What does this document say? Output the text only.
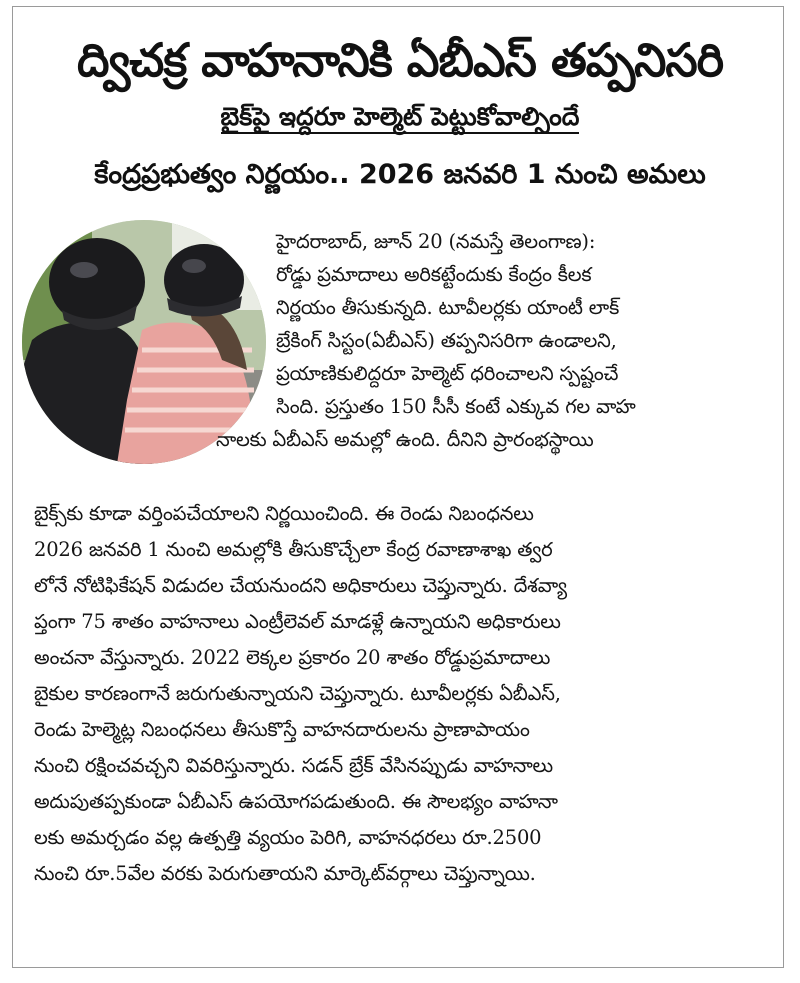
ద్విచక్ర వాహనానికి ఏబీఎస్ తప్పనిసరి
బైక్‌పై ఇద్దరూ హెల్మెట్ పెట్టుకోవాల్సిందే
కేంద్రప్రభుత్వం నిర్ణయం.. 2026 జనవరి 1 నుంచి అమలు
హైదరాబాద్, జూన్ 20 (నమస్తే తెలంగాణ):
రోడ్డు ప్రమాదాలు అరికట్టేందుకు కేంద్రం కీలక
నిర్ణయం తీసుకున్నది. టూవీలర్లకు యాంటీ లాక్
బ్రేకింగ్ సిస్టం(ఏబీఎస్) తప్పనిసరిగా ఉండాలని,
ప్రయాణికులిద్దరూ హెల్మెట్ ధరించాలని స్పష్టంచే
సింది. ప్రస్తుతం 150 సీసీ కంటే ఎక్కువ గల వాహ
నాలకు ఏబీఎస్ అమల్లో ఉంది. దీనిని ప్రారంభస్థాయి
బైక్స్‌కు కూడా వర్తింపచేయాలని నిర్ణయించింది. ఈ రెండు నిబంధనలు
2026 జనవరి 1 నుంచి అమల్లోకి తీసుకొచ్చేలా కేంద్ర రవాణాశాఖ త్వర
లోనే నోటిఫికేషన్ విడుదల చేయనుందని అధికారులు చెప్తున్నారు. దేశవ్యా
ప్తంగా 75 శాతం వాహనాలు ఎంట్రీలెవల్ మాడళ్లే ఉన్నాయని అధికారులు
అంచనా వేస్తున్నారు. 2022 లెక్కల ప్రకారం 20 శాతం రోడ్డుప్రమాదాలు
బైకుల కారణంగానే జరుగుతున్నాయని చెప్తున్నారు. టూవీలర్లకు ఏబీఎస్,
రెండు హెల్మెట్ల నిబంధనలు తీసుకొస్తే వాహనదారులను ప్రాణాపాయం
నుంచి రక్షించవచ్చని వివరిస్తున్నారు. సడన్ బ్రేక్ వేసినప్పుడు వాహనాలు
అదుపుతప్పకుండా ఏబీఎస్ ఉపయోగపడుతుంది. ఈ సౌలభ్యం వాహనా
లకు అమర్చడం వల్ల ఉత్పత్తి వ్యయం పెరిగి, వాహనధరలు రూ.2500
నుంచి రూ.5వేల వరకు పెరుగుతాయని మార్కెట్‌వర్గాలు చెప్తున్నాయి.
